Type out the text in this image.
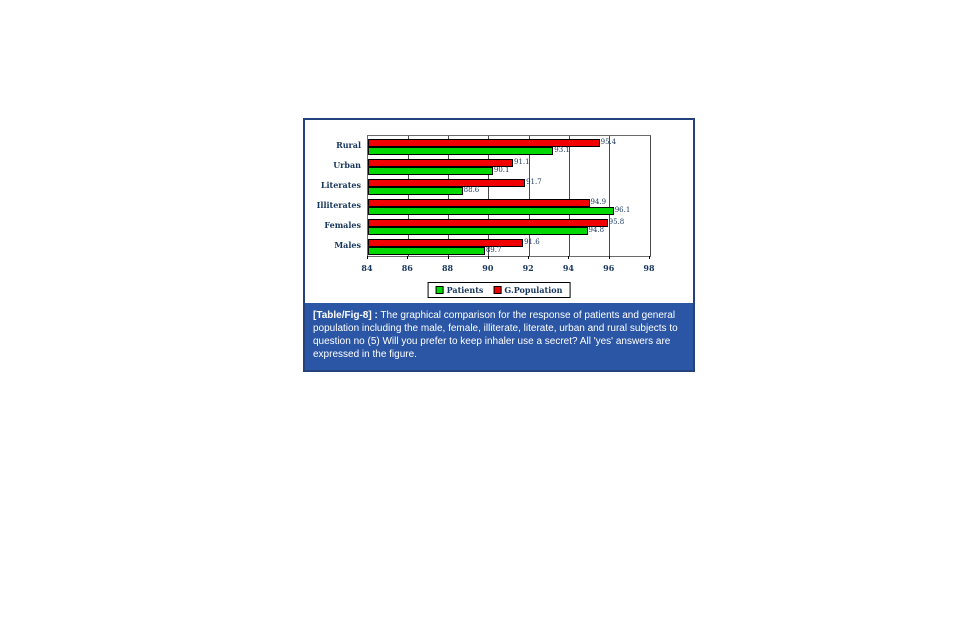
95.4
93.1
91.1
90.1
91.7
88.6
94.9
96.1
95.8
94.8
91.6
89.7
84	86	88	90	92	94	96	98
Rural
Urban
Literates
Illiterates
Females
Males
Patients	G.Population
[Table/Fig-8] : The graphical comparison for the response of patients and general population including the male, female, illiterate, literate, urban and rural subjects to question no (5) Will you prefer to keep inhaler use a secret? All 'yes' answers are expressed in the figure.
